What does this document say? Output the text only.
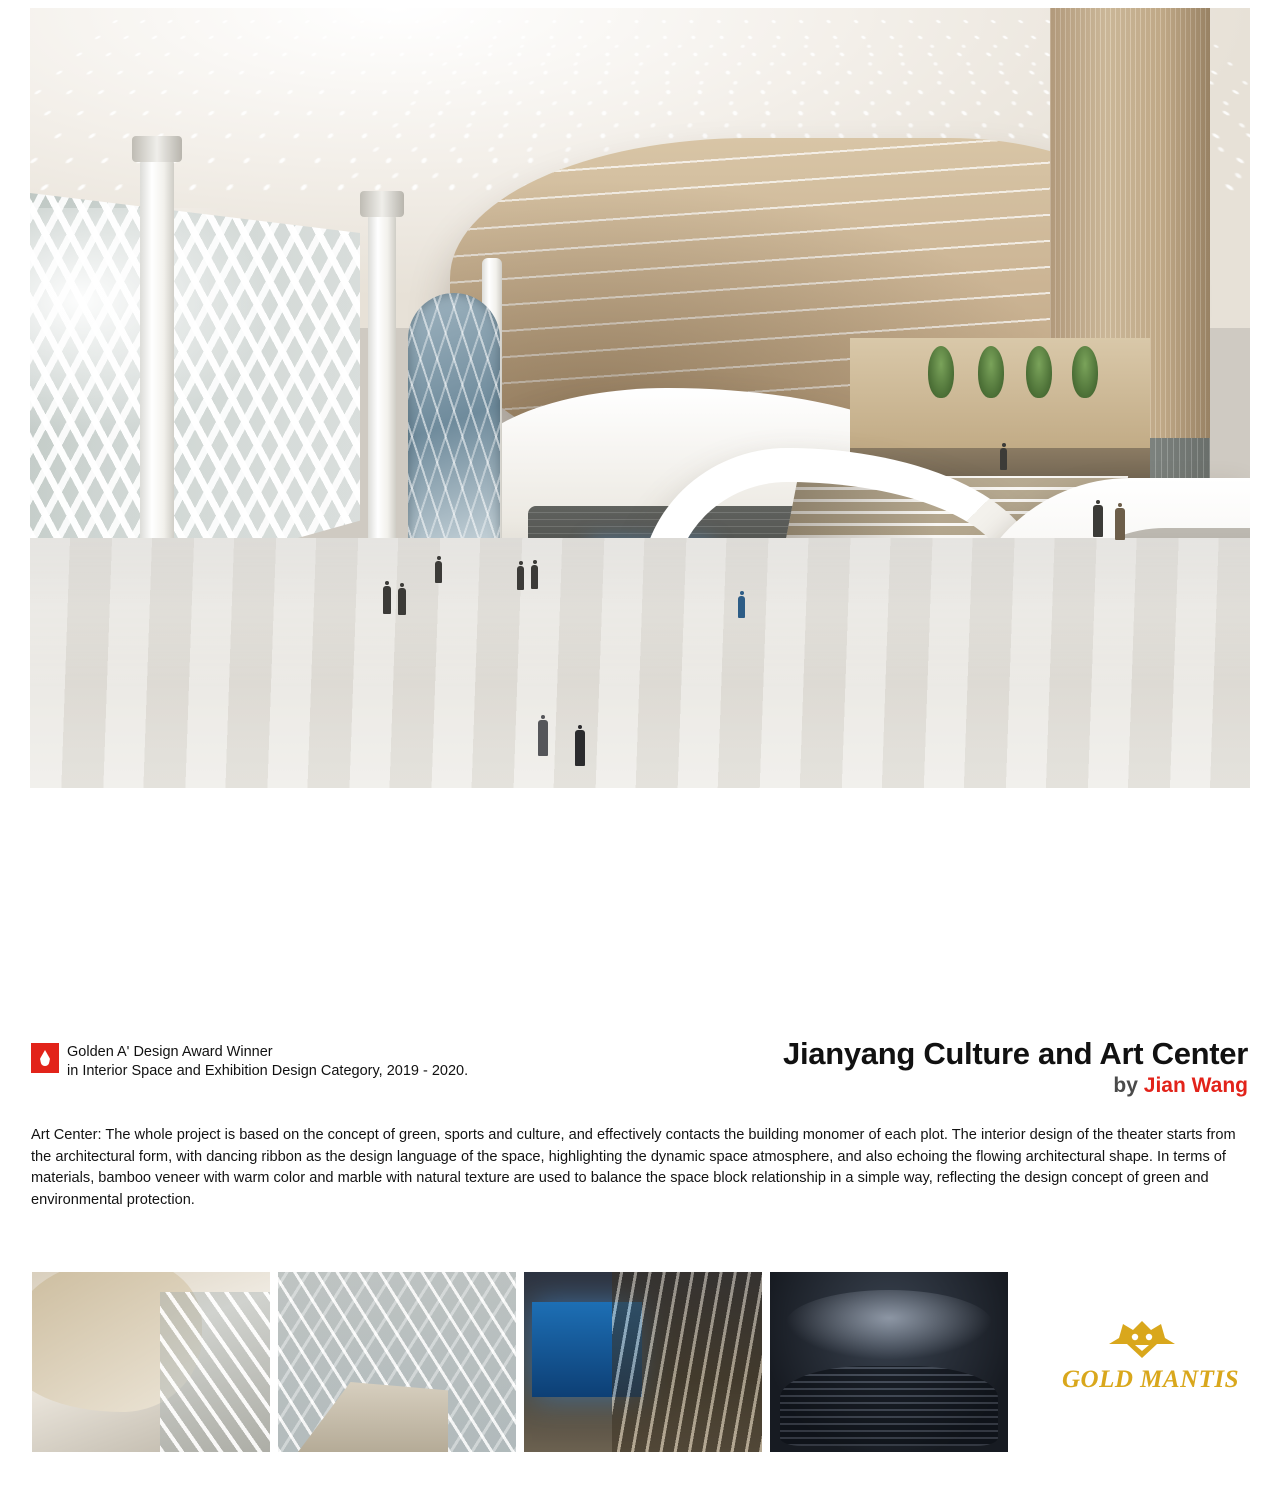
Golden A' Design Award Winner
in Interior Space and Exhibition Design Category, 2019 - 2020.	Jianyang Culture and Art Center
by Jian Wang
Art Center: The whole project is based on the concept of green, sports and culture, and effectively contacts the building monomer of each plot. The interior design of the theater starts from the architectural form, with dancing ribbon as the design language of the space, highlighting the dynamic space atmosphere, and also echoing the flowing architectural shape. In terms of materials, bamboo veneer with warm color and marble with natural texture are used to balance the space block relationship in a simple way, reflecting the design concept of green and environmental protection.
GOLD MANTIS
